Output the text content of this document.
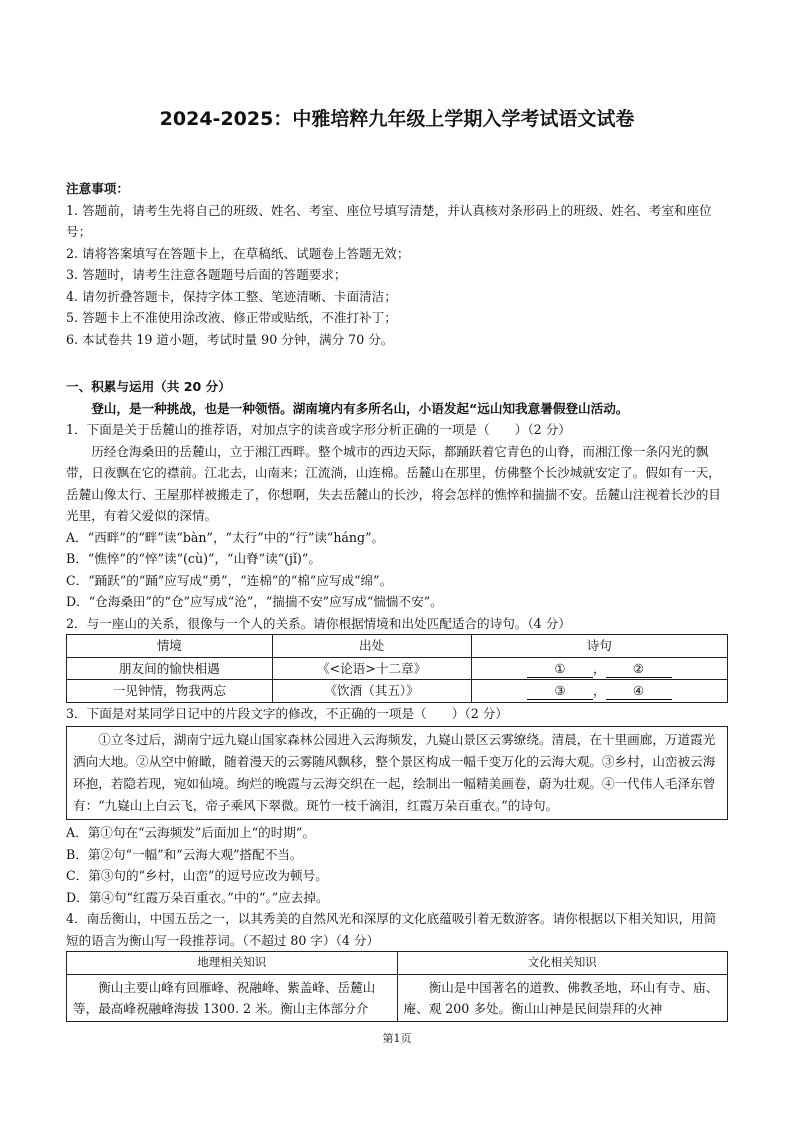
2024-2025：中雅培粹九年级上学期入学考试语文试卷
注意事项：
1. 答题前，请考生先将自己的班级、姓名、考室、座位号填写清楚，并认真核对条形码上的班级、姓名、考室和座位号；
2. 请将答案填写在答题卡上，在草稿纸、试题卷上答题无效；
3. 答题时，请考生注意各题题号后面的答题要求；
4. 请勿折叠答题卡，保持字体工整、笔迹清晰、卡面清洁；
5. 答题卡上不准使用涂改液、修正带或贴纸，不准打补丁；
6. 本试卷共 19 道小题，考试时量 90 分钟，满分 70 分。
一、积累与运用（共 20 分）
登山，是一种挑战，也是一种领悟。湖南境内有多所名山，小语发起“远山知我意暑假登山活动。
1．下面是关于岳麓山的推荐语，对加点字的读音或字形分析正确的一项是（　　）（2 分）
历经仓海桑田的岳麓山，立于湘江西畔。整个城市的西边天际，都踊跃着它青色的山脊，而湘江像一条闪光的飘带，日夜飘在它的襟前。江北去，山南来；江流淌，山连棉。岳麓山在那里，仿佛整个长沙城就安定了。假如有一天，岳麓山像太行、王屋那样被搬走了，你想啊，失去岳麓山的长沙，将会怎样的憔悴和揣揣不安。岳麓山注视着长沙的目光里，有着父爱似的深情。
A．“西畔”的“畔”读“bàn”，“太行”中的“行”读“háng”。
B．“憔悴”的“悴”读“(cù)”，“山脊”读“(jǐ)”。
C．“踊跃”的“踊”应写成“勇”，“连棉”的“棉”应写成“绵”。
D．“仓海桑田”的“仓”应写成“沧”，“揣揣不安”应写成“惴惴不安”。
2．与一座山的关系，很像与一个人的关系。请你根据情境和出处匹配适合的诗句。（4 分）
情境	出处	诗句
朋友间的愉快相遇	《<论语>十二章》	① ， ②
一见钟情，物我两忘	《饮酒（其五）》	③ ， ④
3．下面是对某同学日记中的片段文字的修改，不正确的一项是（　　）（2 分）
①立冬过后，湖南宁远九嶷山国家森林公园进入云海频发，九嶷山景区云雾缭绕。清晨，在十里画廊，万道霞光洒向大地。②从空中俯瞰，随着漫天的云雾随风飘移，整个景区构成一幅千变万化的云海大观。③乡村，山峦被云海环抱，若隐若现，宛如仙境。绚烂的晚霞与云海交织在一起，绘制出一幅精美画卷，蔚为壮观。④一代伟人毛泽东曾有：“九嶷山上白云飞，帝子乘风下翠微。斑竹一枝千滴泪，红霞万朵百重衣。”的诗句。
A．第①句在“云海频发”后面加上“的时期”。
B．第②句“一幅”和“云海大观”搭配不当。
C．第③句的“乡村，山峦”的逗号应改为顿号。
D．第④句“红霞万朵百重衣。”中的“。”应去掉。
4．南岳衡山，中国五岳之一，以其秀美的自然风光和深厚的文化底蕴吸引着无数游客。请你根据以下相关知识，用简短的语言为衡山写一段推荐词。（不超过 80 字）（4 分）
地理相关知识	文化相关知识
衡山主要山峰有回雁峰、祝融峰、紫盖峰、岳麓山等，最高峰祝融峰海拔 1300. 2 米。衡山主体部分介	衡山是中国著名的道教、佛教圣地，环山有寺、庙、庵、观 200 多处。衡山山神是民间崇拜的火神
第1页
